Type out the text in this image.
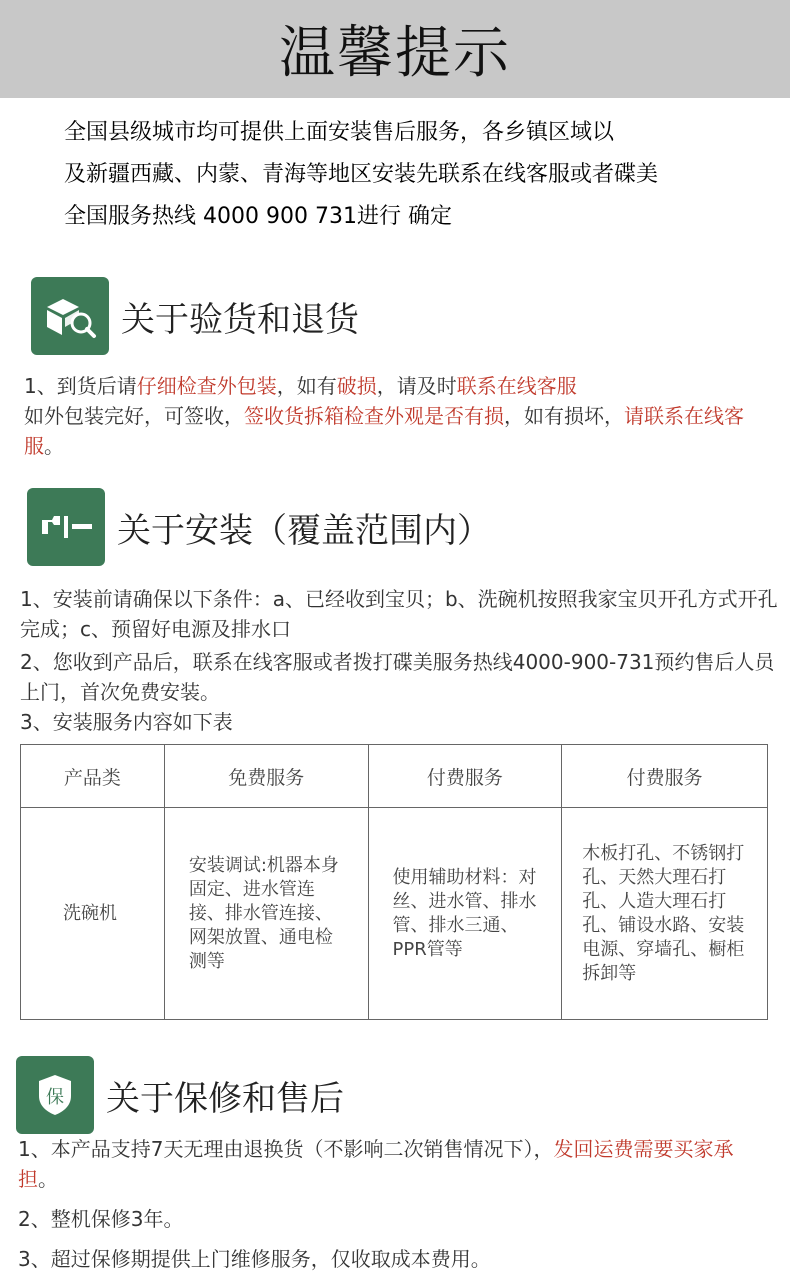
温馨提示

全国县级城市均可提供上面安装售后服务，各乡镇区域以

及新疆西藏、内蒙、青海等地区安装先联系在线客服或者碟美

全国服务热线 4000 900 731进行 确定

关于验货和退货

1、到货后请仔细检查外包装，如有破损，请及时联系在线客服

如外包装完好，可签收，签收货拆箱检查外观是否有损，如有损坏，请联系在线客服。

关于安装（覆盖范围内）

1、安装前请确保以下条件：a、已经收到宝贝；b、洗碗机按照我家宝贝开孔方式开孔完成；c、预留好电源及排水口

2、您收到产品后，联系在线客服或者拨打碟美服务热线4000-900-731预约售后人员上门，首次免费安装。

3、安装服务内容如下表

产品类	免费服务	付费服务	付费服务
洗碗机	安装调试:机器本身固定、进水管连接、排水管连接、网架放置、通电检测等	使用辅助材料：对丝、进水管、排水管、排水三通、PPR管等	木板打孔、不锈钢打孔、天然大理石打孔、人造大理石打孔、铺设水路、安装电源、穿墙孔、橱柜拆卸等
保 关于保修和售后

1、本产品支持7天无理由退换货（不影响二次销售情况下），发回运费需要买家承担。

2、整机保修3年。

3、超过保修期提供上门维修服务，仅收取成本费用。
